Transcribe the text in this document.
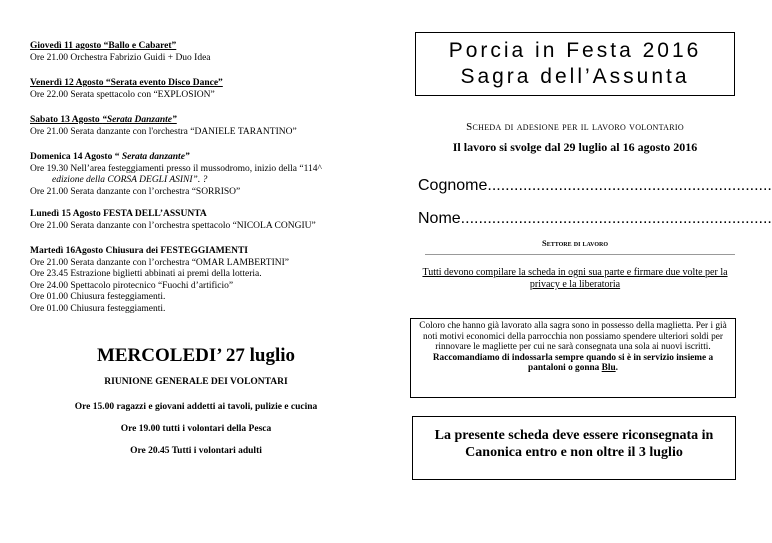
Giovedì 11 agosto “Ballo e Cabaret”
Ore 21.00 Orchestra Fabrizio Guidi + Duo Idea
Venerdì 12 Agosto “Serata evento Disco Dance”
Ore 22.00 Serata spettacolo con “EXPLOSION”
Sabato 13 Agosto “Serata Danzante”
Ore 21.00 Serata danzante con l'orchestra “DANIELE TARANTINO”
Domenica 14 Agosto “ Serata danzante”
Ore 19.30 Nell’area festeggiamenti presso il mussodromo, inizio della “114^
edizione della CORSA DEGLI ASINI”. ?
Ore 21.00 Serata danzante con l’orchestra “SORRISO”
Lunedì 15 Agosto FESTA DELL’ASSUNTA
Ore 21.00 Serata danzante con l’orchestra spettacolo “NICOLA CONGIU”
Martedì 16Agosto Chiusura dei FESTEGGIAMENTI
Ore 21.00 Serata danzante con l’orchestra “OMAR LAMBERTINI”
Ore 23.45 Estrazione biglietti abbinati ai premi della lotteria.
Ore 24.00 Spettacolo pirotecnico “Fuochi d’artificio”
Ore 01.00 Chiusura festeggiamenti.
Ore 01.00 Chiusura festeggiamenti.
MERCOLEDI’ 27 luglio
RIUNIONE GENERALE DEI VOLONTARI
Ore 15.00 ragazzi e giovani addetti ai tavoli, pulizie e cucina
Ore 19.00 tutti i volontari della Pesca
Ore 20.45 Tutti i volontari adulti
Porcia in Festa 2016
Sagra dell’Assunta
Scheda di adesione per il lavoro volontario
Il lavoro si svolge dal 29 luglio al 16 agosto 2016
Cognome................................................................
Nome......................................................................
Settore di lavoro
Tutti devono compilare la scheda in ogni sua parte e firmare due volte per la privacy e la liberatoria
Coloro che hanno già lavorato alla sagra sono in possesso della maglietta. Per i già noti motivi economici della parrocchia non possiamo spendere ulteriori soldi per rinnovare le magliette per cui ne sarà consegnata una sola ai nuovi iscritti. Raccomandiamo di indossarla sempre quando si è in servizio insieme a pantaloni o gonna Blu.
La presente scheda deve essere riconsegnata in Canonica entro e non oltre il 3 luglio
